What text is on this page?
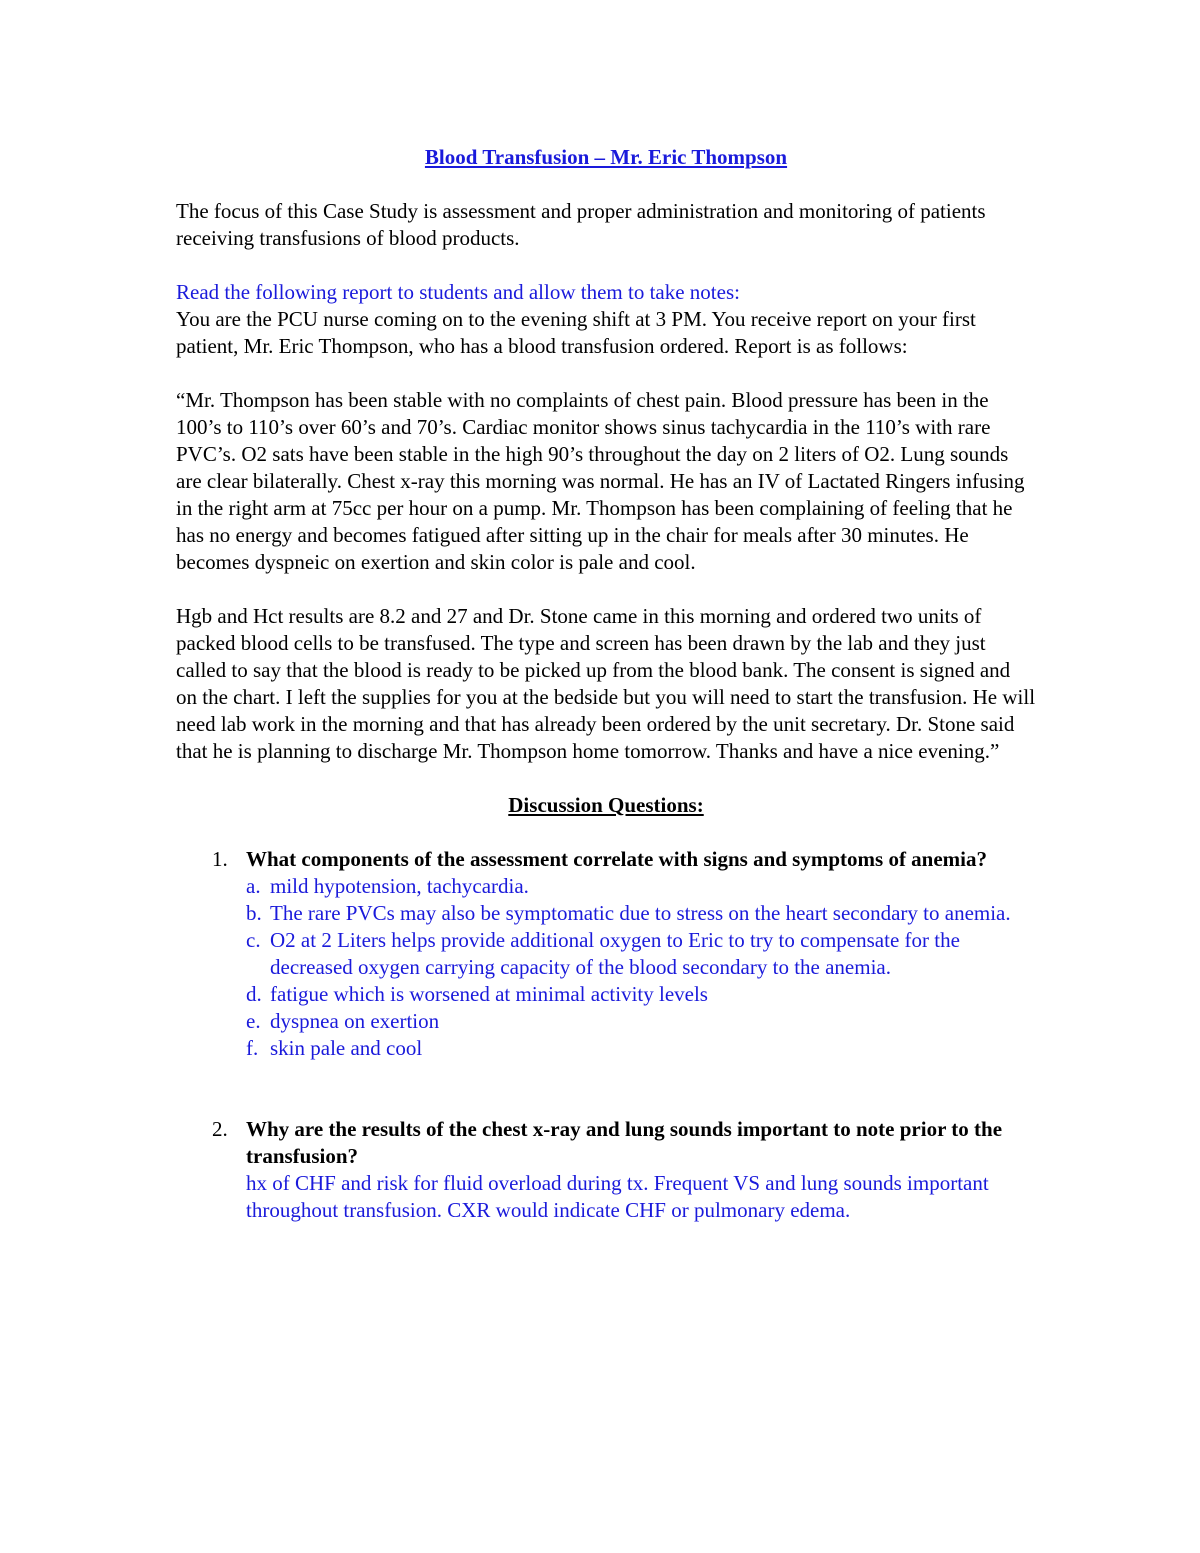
Blood Transfusion – Mr. Eric Thompson

The focus of this Case Study is assessment and proper administration and monitoring of patients receiving transfusions of blood products.

Read the following report to students and allow them to take notes:

You are the PCU nurse coming on to the evening shift at 3 PM. You receive report on your first patient, Mr. Eric Thompson, who has a blood transfusion ordered. Report is as follows:

“Mr. Thompson has been stable with no complaints of chest pain. Blood pressure has been in the 100’s to 110’s over 60’s and 70’s. Cardiac monitor shows sinus tachycardia in the 110’s with rare PVC’s. O2 sats have been stable in the high 90’s throughout the day on 2 liters of O2. Lung sounds are clear bilaterally. Chest x-ray this morning was normal. He has an IV of Lactated Ringers infusing in the right arm at 75cc per hour on a pump. Mr. Thompson has been complaining of feeling that he has no energy and becomes fatigued after sitting up in the chair for meals after 30 minutes. He becomes dyspneic on exertion and skin color is pale and cool.

Hgb and Hct results are 8.2 and 27 and Dr. Stone came in this morning and ordered two units of packed blood cells to be transfused. The type and screen has been drawn by the lab and they just called to say that the blood is ready to be picked up from the blood bank. The consent is signed and on the chart. I left the supplies for you at the bedside but you will need to start the transfusion. He will need lab work in the morning and that has already been ordered by the unit secretary. Dr. Stone said that he is planning to discharge Mr. Thompson home tomorrow. Thanks and have a nice evening.”

Discussion Questions:

1. What components of the assessment correlate with signs and symptoms of anemia?

a. mild hypotension, tachycardia.
b. The rare PVCs may also be symptomatic due to stress on the heart secondary to anemia.
c. O2 at 2 Liters helps provide additional oxygen to Eric to try to compensate for the decreased oxygen carrying capacity of the blood secondary to the anemia.
d. fatigue which is worsened at minimal activity levels
e. dyspnea on exertion
f. skin pale and cool
2. Why are the results of the chest x-ray and lung sounds important to note prior to the transfusion?

hx of CHF and risk for fluid overload during tx. Frequent VS and lung sounds important throughout transfusion. CXR would indicate CHF or pulmonary edema.
